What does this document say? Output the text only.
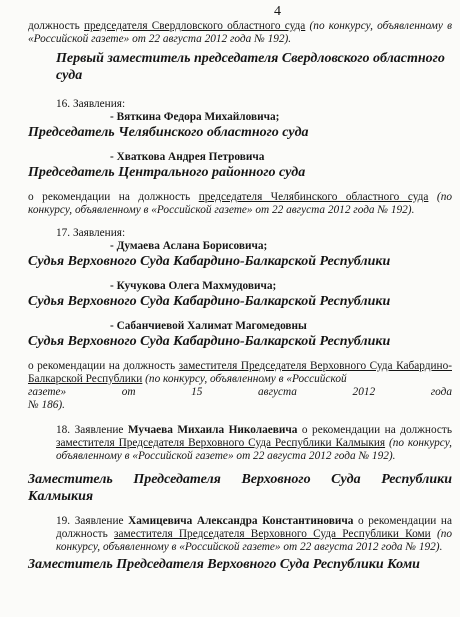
4

должность председателя Свердловского областного суда (по конкурсу, объявленному в «Российской газете» от 22 августа 2012 года № 192).

Первый заместитель председателя Свердловского областного суда

16. Заявления:

- Вяткина Федора Михайловича;

Председатель Челябинского областного суда

- Хваткова Андрея Петровича

Председатель Центрального районного суда

о рекомендации на должность председателя Челябинского областного суда (по конкурсу, объявленному в «Российской газете» от 22 августа 2012 года № 192).

17. Заявления:

- Думаева Аслана Борисовича;

Судья Верховного Суда Кабардино-Балкарской Республики

- Кучукова Олега Махмудовича;

Судья Верховного Суда Кабардино-Балкарской Республики

- Сабанчиевой Халимат Магомедовны

Судья Верховного Суда Кабардино-Балкарской Республики

о рекомендации на должность заместителя Председателя Верховного Суда Кабардино-Балкарской Республики (по конкурсу, объявленному в «Российской

газете» от 15 августа 2012 года

№ 186).

18. Заявление Мучаева Михаила Николаевича о рекомендации на должность заместителя Председателя Верховного Суда Республики Калмыкия (по конкурсу, объявленному в «Российской газете» от 22 августа 2012 года № 192).

Заместитель Председателя Верховного Суда Республики Калмыкия

19. Заявление Хамицевича Александра Константиновича о рекомендации на должность заместителя Председателя Верховного Суда Республики Коми (по конкурсу, объявленному в «Российской газете» от 22 августа 2012 года № 192).

Заместитель Председателя Верховного Суда Республики Коми
